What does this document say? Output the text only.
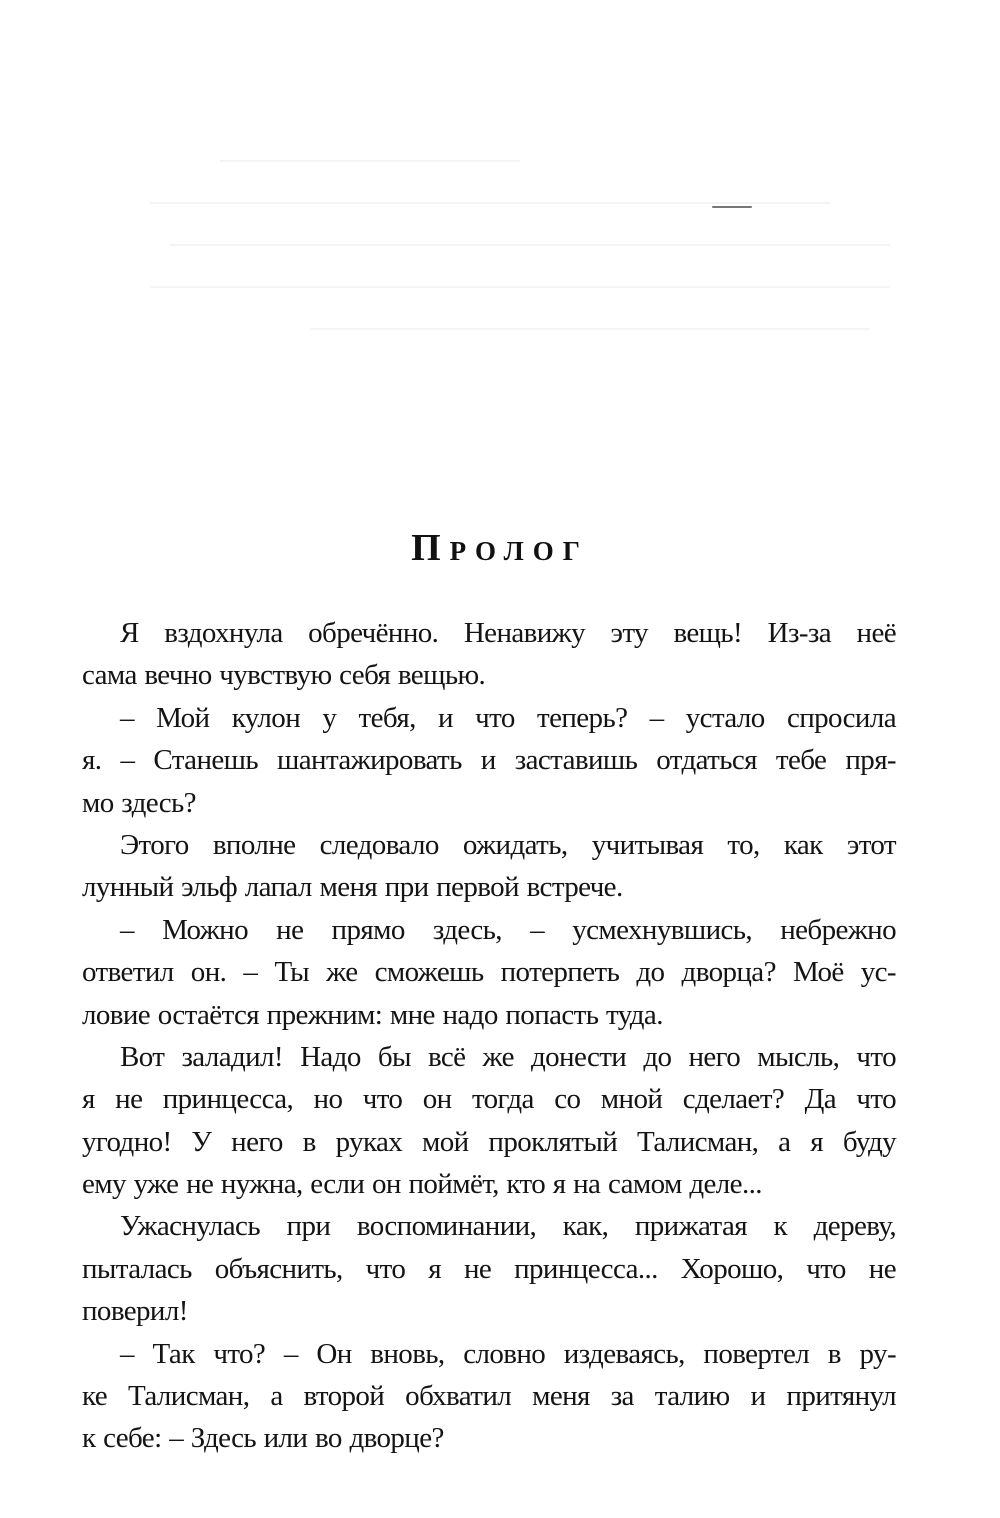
Пролог
Я вздохнула обречённо. Ненавижу эту вещь! Из-за неё
сама вечно чувствую себя вещью.
– Мой кулон у тебя, и что теперь? – устало спросила
я. – Станешь шантажировать и заставишь отдаться тебе пря-
мо здесь?
Этого вполне следовало ожидать, учитывая то, как этот
лунный эльф лапал меня при первой встрече.
– Можно не прямо здесь, – усмехнувшись, небрежно
ответил он. – Ты же сможешь потерпеть до дворца? Моё ус-
ловие остаётся прежним: мне надо попасть туда.
Вот заладил! Надо бы всё же донести до него мысль, что
я не принцесса, но что он тогда со мной сделает? Да что
угодно! У него в руках мой проклятый Талисман, а я буду
ему уже не нужна, если он поймёт, кто я на самом деле...
Ужаснулась при воспоминании, как, прижатая к дереву,
пыталась объяснить, что я не принцесса... Хорошо, что не
поверил!
– Так что? – Он вновь, словно издеваясь, повертел в ру-
ке Талисман, а второй обхватил меня за талию и притянул
к себе: – Здесь или во дворце?
